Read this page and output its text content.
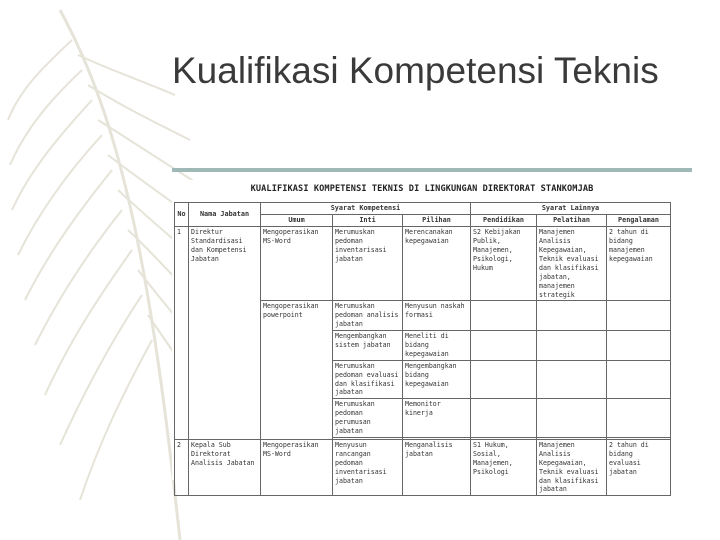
Kualifikasi Kompetensi Teknis
KUALIFIKASI KOMPETENSI TEKNIS DI LINGKUNGAN DIREKTORAT STANKOMJAB
No	Nama Jabatan	Syarat Kompetensi			Syarat Lainnya		
		Umum	Inti	Pilihan	Pendidikan	Pelatihan	Pengalaman
1	Direktur Standardisasi dan Kompetensi Jabatan	Mengoperasikan MS-Word	Merumuskan pedoman inventarisasi jabatan	Merencanakan kepegawaian	S2 Kebijakan Publik, Manajemen, Psikologi, Hukum	Manajemen Analisis Kepegawaian, Teknik evaluasi dan klasifikasi jabatan, manajemen strategik	2 tahun di bidang manajemen kepegawaian
		Mengoperasikan powerpoint	Merumuskan pedoman analisis jabatan	Menyusun naskah formasi			
			Mengembangkan sistem jabatan	Meneliti di bidang kepegawaian			
			Merumuskan pedoman evaluasi dan klasifikasi jabatan	Mengembangkan bidang kepegawaian			
			Merumuskan pedoman perumusan jabatan	Memonitor kinerja			

2	Kepala Sub Direktorat Analisis Jabatan	Mengoperasikan MS-Word	Menyusun rancangan pedoman inventarisasi jabatan	Menganalisis jabatan	S1 Hukum, Sosial, Manajemen, Psikologi	Manajemen Analisis Kepegawaian, Teknik evaluasi dan klasifikasi jabatan	2 tahun di bidang evaluasi jabatan
